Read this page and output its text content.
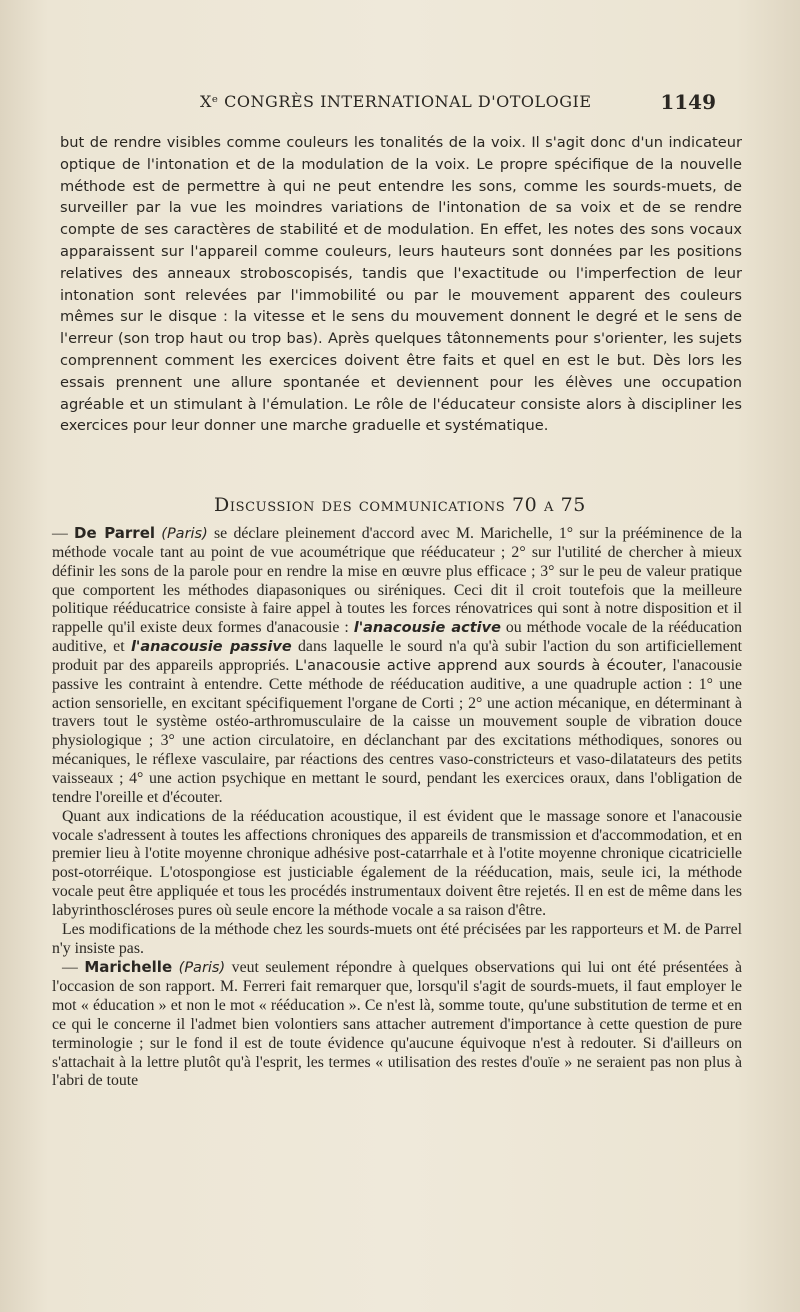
Xᵉ CONGRÈS INTERNATIONAL D'OTOLOGIE	1149

but de rendre visibles comme couleurs les tonalités de la voix. Il s'agit donc d'un indicateur optique de l'intonation et de la modulation de la voix. Le propre spécifique de la nouvelle méthode est de permettre à qui ne peut entendre les sons, comme les sourds-muets, de surveiller par la vue les moindres variations de l'intonation de sa voix et de se rendre compte de ses caractères de stabilité et de modulation. En effet, les notes des sons vocaux apparaissent sur l'appareil comme couleurs, leurs hauteurs sont données par les positions relatives des anneaux stroboscopisés, tandis que l'exactitude ou l'imperfection de leur intonation sont relevées par l'immobilité ou par le mouvement apparent des couleurs mêmes sur le disque : la vitesse et le sens du mouvement donnent le degré et le sens de l'erreur (son trop haut ou trop bas). Après quelques tâtonnements pour s'orienter, les sujets comprennent comment les exercices doivent être faits et quel en est le but. Dès lors les essais prennent une allure spontanée et deviennent pour les élèves une occupation agréable et un stimulant à l'émulation. Le rôle de l'éducateur consiste alors à discipliner les exercices pour leur donner une marche graduelle et systématique.

Discussion des communications 70 a 75

— De Parrel (Paris) se déclare pleinement d'accord avec M. Marichelle, 1° sur la prééminence de la méthode vocale tant au point de vue acoumétrique que rééducateur ; 2° sur l'utilité de chercher à mieux définir les sons de la parole pour en rendre la mise en œuvre plus efficace ; 3° sur le peu de valeur pratique que comportent les méthodes diapasoniques ou siréniques. Ceci dit il croit toutefois que la meilleure politique rééducatrice consiste à faire appel à toutes les forces rénovatrices qui sont à notre disposition et il rappelle qu'il existe deux formes d'anacousie : l'anacousie active ou méthode vocale de la rééducation auditive, et l'anacousie passive dans laquelle le sourd n'a qu'à subir l'action du son artificiellement produit par des appareils appropriés. L'anacousie active apprend aux sourds à écouter, l'anacousie passive les contraint à entendre. Cette méthode de rééducation auditive, a une quadruple action : 1° une action sensorielle, en excitant spécifiquement l'organe de Corti ; 2° une action mécanique, en déterminant à travers tout le système ostéo-arthromusculaire de la caisse un mouvement souple de vibration douce physiologique ; 3° une action circulatoire, en déclanchant par des excitations méthodiques, sonores ou mécaniques, le réflexe vasculaire, par réactions des centres vaso-constricteurs et vaso-dilatateurs des petits vaisseaux ; 4° une action psychique en mettant le sourd, pendant les exercices oraux, dans l'obligation de tendre l'oreille et d'écouter.

Quant aux indications de la rééducation acoustique, il est évident que le massage sonore et l'anacousie vocale s'adressent à toutes les affections chroniques des appareils de transmission et d'accommodation, et en premier lieu à l'otite moyenne chronique adhésive post-catarrhale et à l'otite moyenne chronique cicatricielle post-otorréique. L'otospongiose est justiciable également de la rééducation, mais, seule ici, la méthode vocale peut être appliquée et tous les procédés instrumentaux doivent être rejetés. Il en est de même dans les labyrinthoscléroses pures où seule encore la méthode vocale a sa raison d'être.

Les modifications de la méthode chez les sourds-muets ont été précisées par les rapporteurs et M. de Parrel n'y insiste pas.

— Marichelle (Paris) veut seulement répondre à quelques observations qui lui ont été présentées à l'occasion de son rapport. M. Ferreri fait remarquer que, lorsqu'il s'agit de sourds-muets, il faut employer le mot « éducation » et non le mot « rééducation ». Ce n'est là, somme toute, qu'une substitution de terme et en ce qui le concerne il l'admet bien volontiers sans attacher autrement d'importance à cette question de pure terminologie ; sur le fond il est de toute évidence qu'aucune équivoque n'est à redouter. Si d'ailleurs on s'attachait à la lettre plutôt qu'à l'esprit, les termes « utilisation des restes d'ouïe » ne seraient pas non plus à l'abri de toute
